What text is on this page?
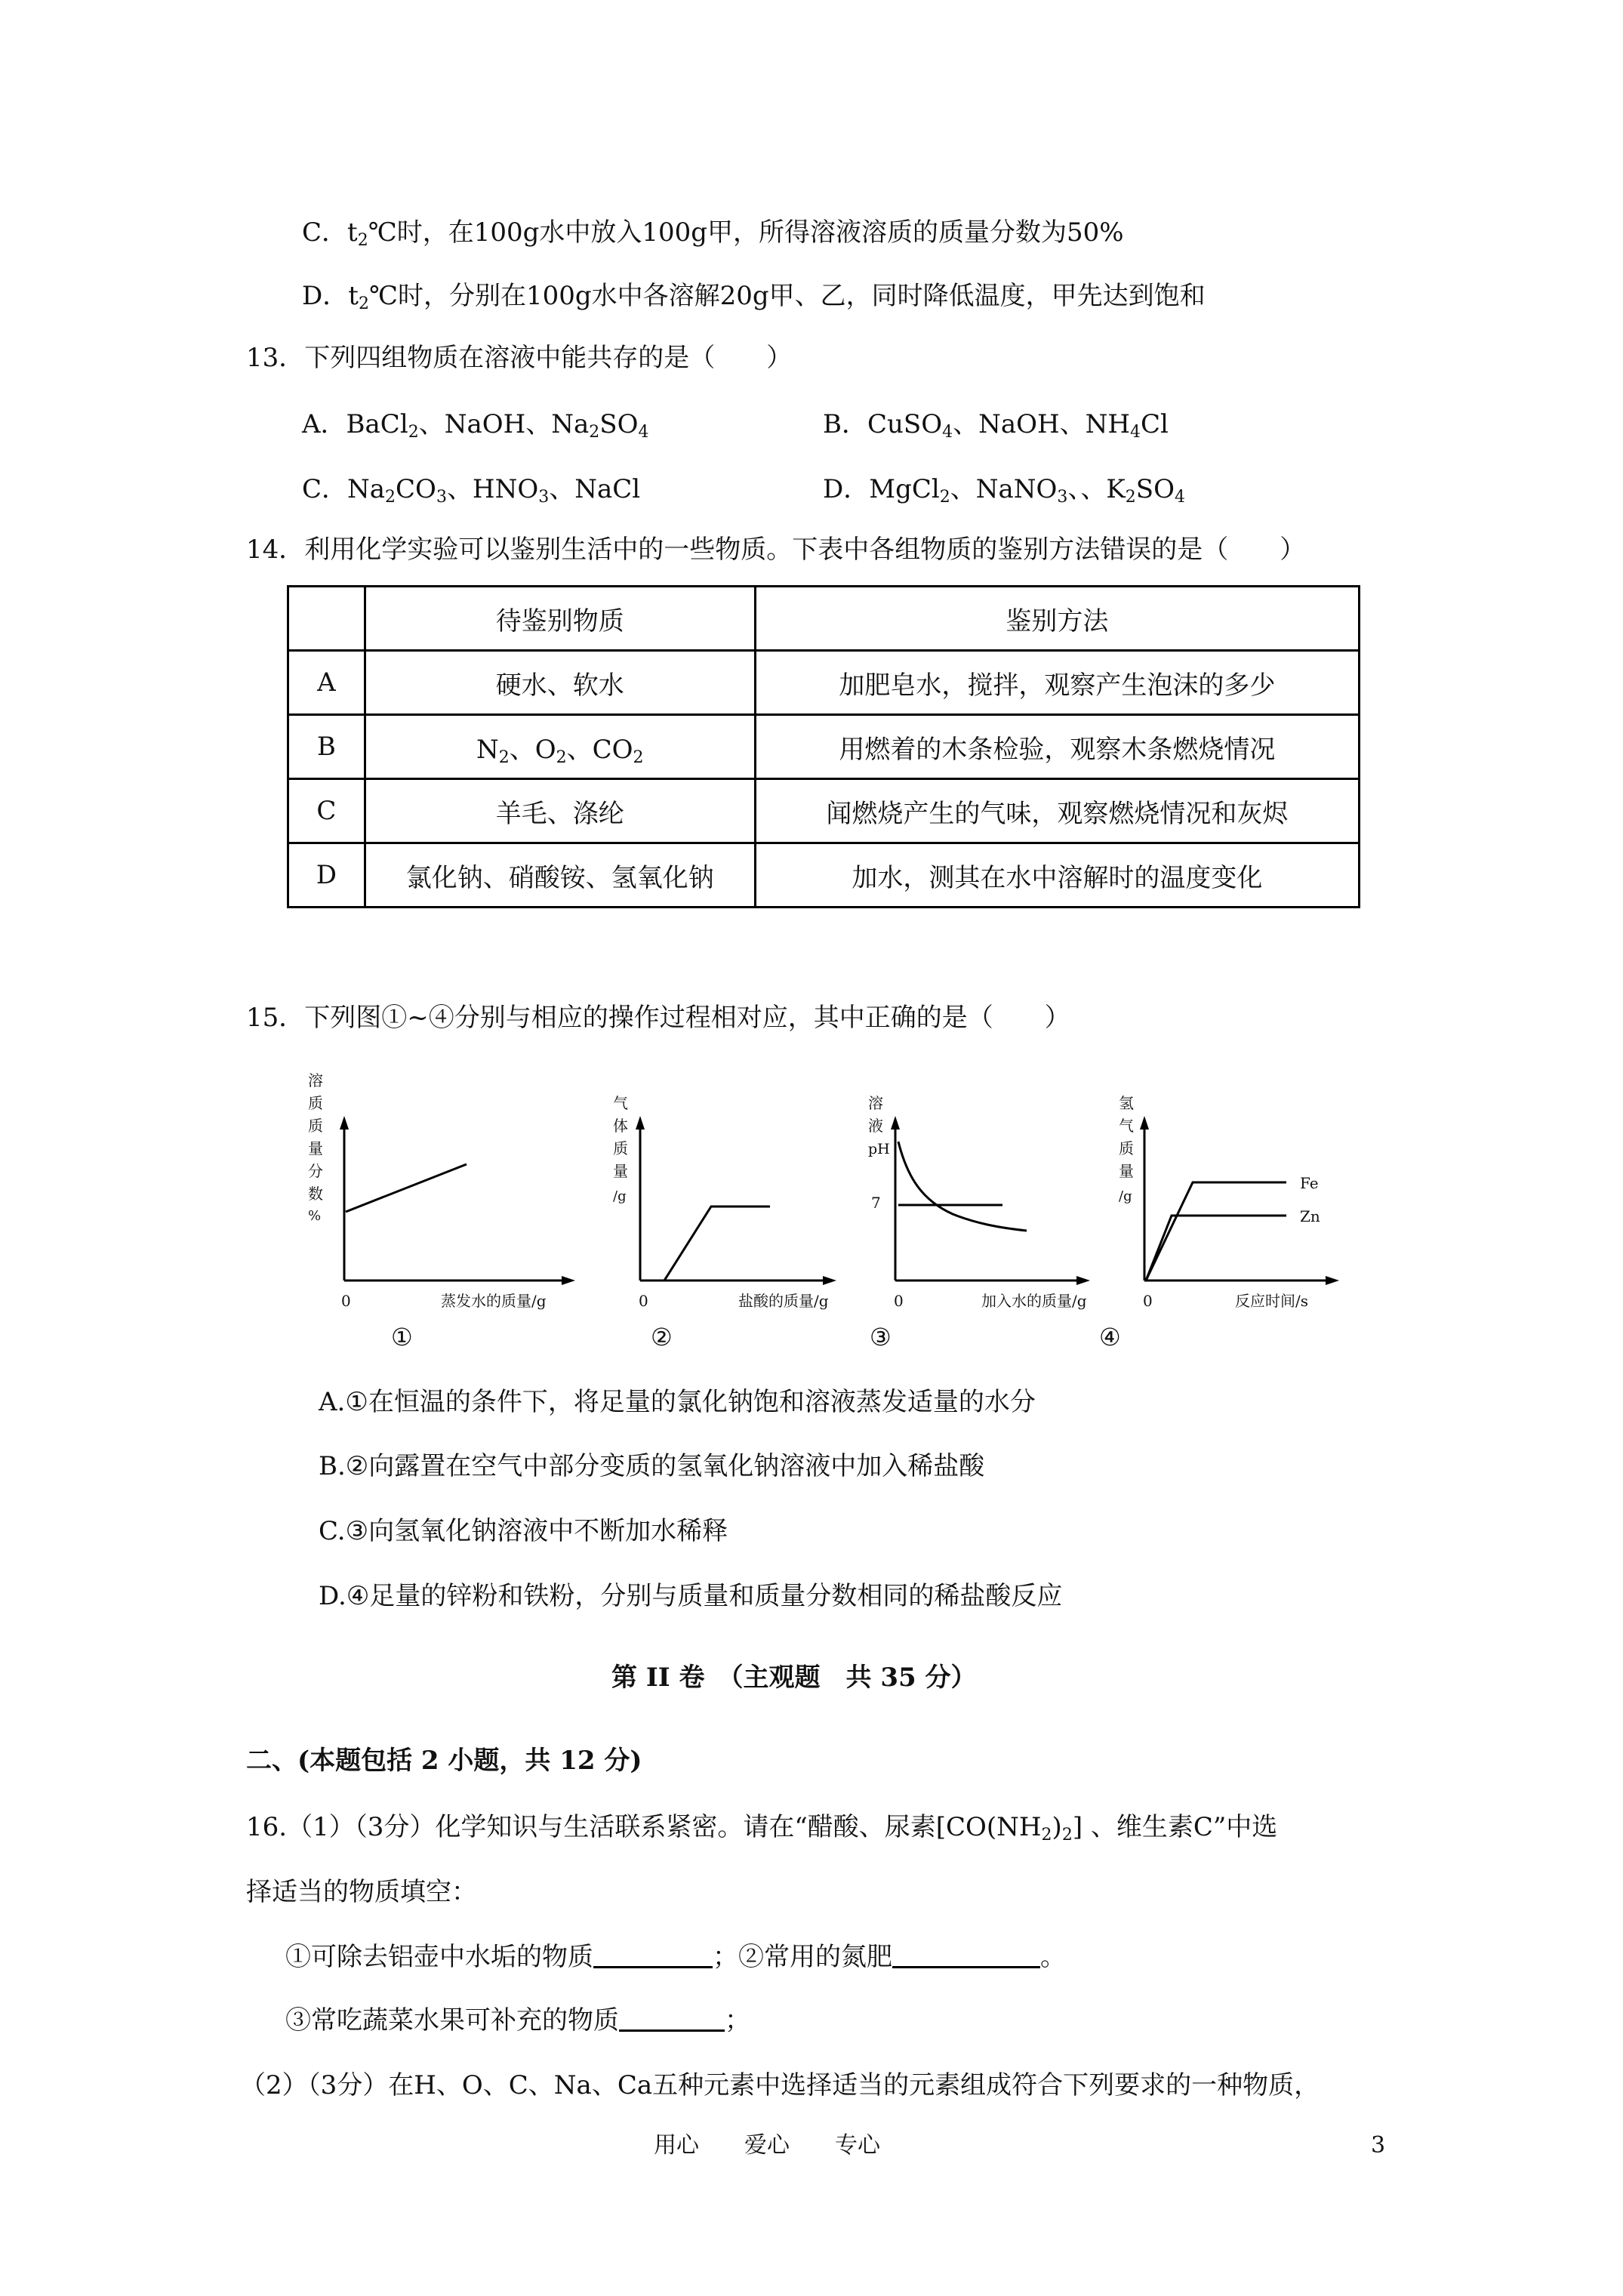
C．$t_2℃$时，在100g水中放入100g甲，所得溶液溶质的质量分数为50%
D．$t_2℃$时，分别在100g水中各溶解20g甲、乙，同时降低温度，甲先达到饱和
13．下列四组物质在溶液中能共存的是（　　）
A．BaCl$_2$、NaOH、$Na_2SO_4$	B．CuSO$_4$、NaOH、$NH_4Cl$
C．$Na_2CO_3$、$HNO_3$、NaCl	D．MgCl$_2$、NaNO$_3$、、$K_2SO_4$
14．利用化学实验可以鉴别生活中的一些物质。下表中各组物质的鉴别方法错误的是（　　）
	待鉴别物质	鉴别方法
A	硬水、软水	加肥皂水，搅拌，观察产生泡沫的多少
B	$N_2$、$O_2$、$CO_2$	用燃着的木条检验，观察木条燃烧情况
C	羊毛、涤纶	闻燃烧产生的气味，观察燃烧情况和灰烬
D	氯化钠、硝酸铵、氢氧化钠	加水，测其在水中溶解时的温度变化
15．下列图①~④分别与相应的操作过程相对应，其中正确的是（　　）
溶
质
质
量
分
数
%
0	蒸发水的质量/g
①
气
体
质
量
/g
0	盐酸的质量/g
②
溶
液
pH
7
0	加入水的质量/g
③
氢
气
质
量
/g
0	反应时间/s
Fe
Zn
④
A.①在恒温的条件下，将足量的氯化钠饱和溶液蒸发适量的水分
B.②向露置在空气中部分变质的氢氧化钠溶液中加入稀盐酸
C.③向氢氧化钠溶液中不断加水稀释
D.④足量的锌粉和铁粉，分别与质量和质量分数相同的稀盐酸反应
第 II 卷　（主观题　共 35 分）
二、(本题包括 2 小题，共 12 分)
16.（1）（3分）化学知识与生活联系紧密。请在“醋酸、尿素$[CO(NH_2)_2]$ 、维生素C”中选
择适当的物质填空：
①可除去铝壶中水垢的物质	；②常用的氮肥	。
③常吃蔬菜水果可补充的物质	；
（2）（3分）在H、O、C、Na、Ca五种元素中选择适当的元素组成符合下列要求的一种物质，
用心　　爱心　　专心	3
